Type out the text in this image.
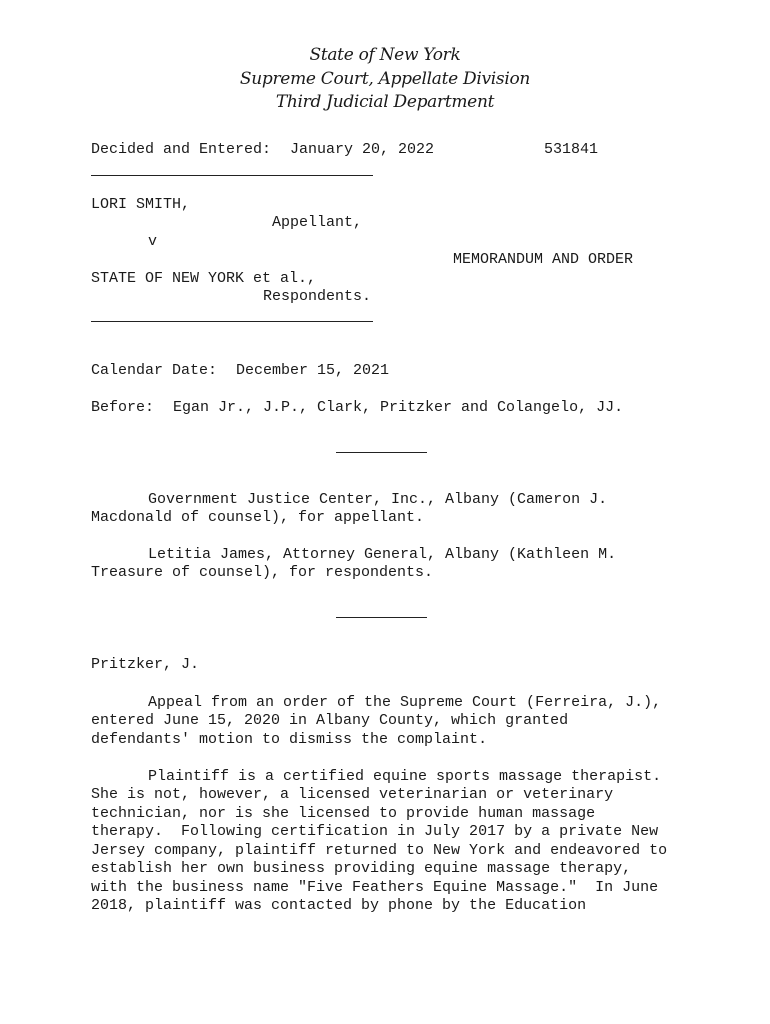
State of New York
Supreme Court, Appellate Division
Third Judicial Department
Decided and Entered: January 20, 2022	531841
LORI SMITH,
Appellant,
v
MEMORANDUM AND ORDER
STATE OF NEW YORK et al.,
Respondents.
Calendar Date: December 15, 2021
Before: Egan Jr., J.P., Clark, Pritzker and Colangelo, JJ.
Government Justice Center, Inc., Albany (Cameron J.
Macdonald of counsel), for appellant.
Letitia James, Attorney General, Albany (Kathleen M.
Treasure of counsel), for respondents.
Pritzker, J.
Appeal from an order of the Supreme Court (Ferreira, J.),
entered June 15, 2020 in Albany County, which granted
defendants' motion to dismiss the complaint.
Plaintiff is a certified equine sports massage therapist.
She is not, however, a licensed veterinarian or veterinary
technician, nor is she licensed to provide human massage
therapy.  Following certification in July 2017 by a private New
Jersey company, plaintiff returned to New York and endeavored to
establish her own business providing equine massage therapy,
with the business name "Five Feathers Equine Massage."  In June
2018, plaintiff was contacted by phone by the Education
